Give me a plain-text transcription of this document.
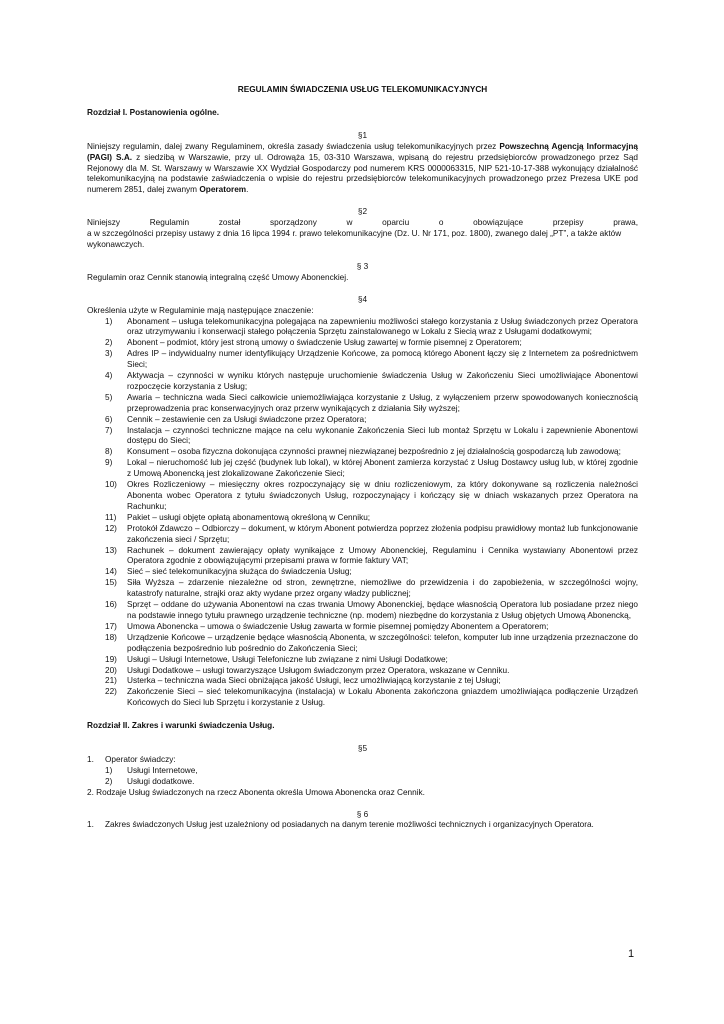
REGULAMIN ŚWIADCZENIA USŁUG TELEKOMUNIKACYJNYCH

Rozdział I. Postanowienia ogólne.

§1

Niniejszy regulamin, dalej zwany Regulaminem, określa zasady świadczenia usług telekomunikacyjnych przez Powszechną Agencją Informacyjną (PAGI) S.A. z siedzibą w Warszawie, przy ul. Odrowąża 15, 03-310 Warszawa, wpisaną do rejestru przedsiębiorców prowadzonego przez Sąd Rejonowy dla M. St. Warszawy w Warszawie XX Wydział Gospodarczy pod numerem KRS 0000063315, NIP 521-10-17-388 wykonujący działalność telekomunikacyjną na podstawie zaświadczenia o wpisie do rejestru przedsiębiorców telekomunikacyjnych prowadzonego przez Prezesa UKE pod numerem 2851, dalej zwanym Operatorem.

§2

Niniejszy Regulamin został sporządzony w oparciu o obowiązujące przepisy prawa,

a w szczególności przepisy ustawy z dnia 16 lipca 1994 r. prawo telekomunikacyjne (Dz. U. Nr 171, poz. 1800), zwanego dalej „PT”, a także aktów wykonawczych.

§ 3

Regulamin oraz Cennik stanowią integralną część Umowy Abonenckiej.

§4

Określenia użyte w Regulaminie mają następujące znaczenie:

1) Abonament – usługa telekomunikacyjna polegająca na zapewnieniu możliwości stałego korzystania z Usług świadczonych przez Operatora oraz utrzymywaniu i konserwacji stałego połączenia Sprzętu zainstalowanego w Lokalu z Siecią wraz z Usługami dodatkowymi;
2) Abonent – podmiot, który jest stroną umowy o świadczenie Usług zawartej w formie pisemnej z Operatorem;
3) Adres IP – indywidualny numer identyfikujący Urządzenie Końcowe, za pomocą którego Abonent łączy się z Internetem za pośrednictwem Sieci;
4) Aktywacja – czynności w wyniku których następuje uruchomienie świadczenia Usług w Zakończeniu Sieci umożliwiające Abonentowi rozpoczęcie korzystania z Usług;
5) Awaria – techniczna wada Sieci całkowicie uniemożliwiająca korzystanie z Usług, z wyłączeniem przerw spowodowanych koniecznością przeprowadzenia prac konserwacyjnych oraz przerw wynikających z działania Siły wyższej;
6) Cennik – zestawienie cen za Usługi świadczone przez Operatora;
7) Instalacja – czynności techniczne mające na celu wykonanie Zakończenia Sieci lub montaż Sprzętu w Lokalu i zapewnienie Abonentowi dostępu do Sieci;
8) Konsument – osoba fizyczna dokonująca czynności prawnej niezwiązanej bezpośrednio z jej działalnością gospodarczą lub zawodową;
9) Lokal – nieruchomość lub jej część (budynek lub lokal), w której Abonent zamierza korzystać z Usług Dostawcy usług lub, w której zgodnie z Umową Abonencką jest zlokalizowane Zakończenie Sieci;
10) Okres Rozliczeniowy – miesięczny okres rozpoczynający się w dniu rozliczeniowym, za który dokonywane są rozliczenia należności Abonenta wobec Operatora z tytułu świadczonych Usług, rozpoczynający i kończący się w dniach wskazanych przez Operatora na Rachunku;
11) Pakiet – usługi objęte opłatą abonamentową określoną w Cenniku;
12) Protokół Zdawczo – Odbiorczy – dokument, w którym Abonent potwierdza poprzez złożenia podpisu prawidłowy montaż lub funkcjonowanie zakończenia sieci / Sprzętu;
13) Rachunek – dokument zawierający opłaty wynikające z Umowy Abonenckiej, Regulaminu i Cennika wystawiany Abonentowi przez Operatora zgodnie z obowiązującymi przepisami prawa w formie faktury VAT;
14) Sieć – sieć telekomunikacyjna służąca do świadczenia Usług;
15) Siła Wyższa – zdarzenie niezależne od stron, zewnętrzne, niemożliwe do przewidzenia i do zapobieżenia, w szczególności wojny, katastrofy naturalne, strajki oraz akty wydane przez organy władzy publicznej;
16) Sprzęt – oddane do używania Abonentowi na czas trwania Umowy Abonenckiej, będące własnością Operatora lub posiadane przez niego na podstawie innego tytułu prawnego urządzenie techniczne (np. modem) niezbędne do korzystania z Usług objętych Umową Abonencką,
17) Umowa Abonencka – umowa o świadczenie Usług zawarta w formie pisemnej pomiędzy Abonentem a Operatorem;
18) Urządzenie Końcowe – urządzenie będące własnością Abonenta, w szczególności: telefon, komputer lub inne urządzenia przeznaczone do podłączenia bezpośrednio lub pośrednio do Zakończenia Sieci;
19) Usługi – Usługi Internetowe, Usługi Telefoniczne lub związane z nimi Usługi Dodatkowe;
20) Usługi Dodatkowe – usługi towarzyszące Usługom świadczonym przez Operatora, wskazane w Cenniku.
21) Usterka – techniczna wada Sieci obniżająca jakość Usługi, lecz umożliwiającą korzystanie z tej Usługi;
22) Zakończenie Sieci – sieć telekomunikacyjna (instalacja) w Lokalu Abonenta zakończona gniazdem umożliwiająca podłączenie Urządzeń Końcowych do Sieci lub Sprzętu i korzystanie z Usług.

Rozdział II. Zakres i warunki świadczenia Usług.

§5

1. Operator świadczy:
1) Usługi Internetowe,
2) Usługi dodatkowe.

2. Rodzaje Usług świadczonych na rzecz Abonenta określa Umowa Abonencka oraz Cennik.

§ 6

1. Zakres świadczonych Usług jest uzależniony od posiadanych na danym terenie możliwości technicznych i organizacyjnych Operatora.
1
